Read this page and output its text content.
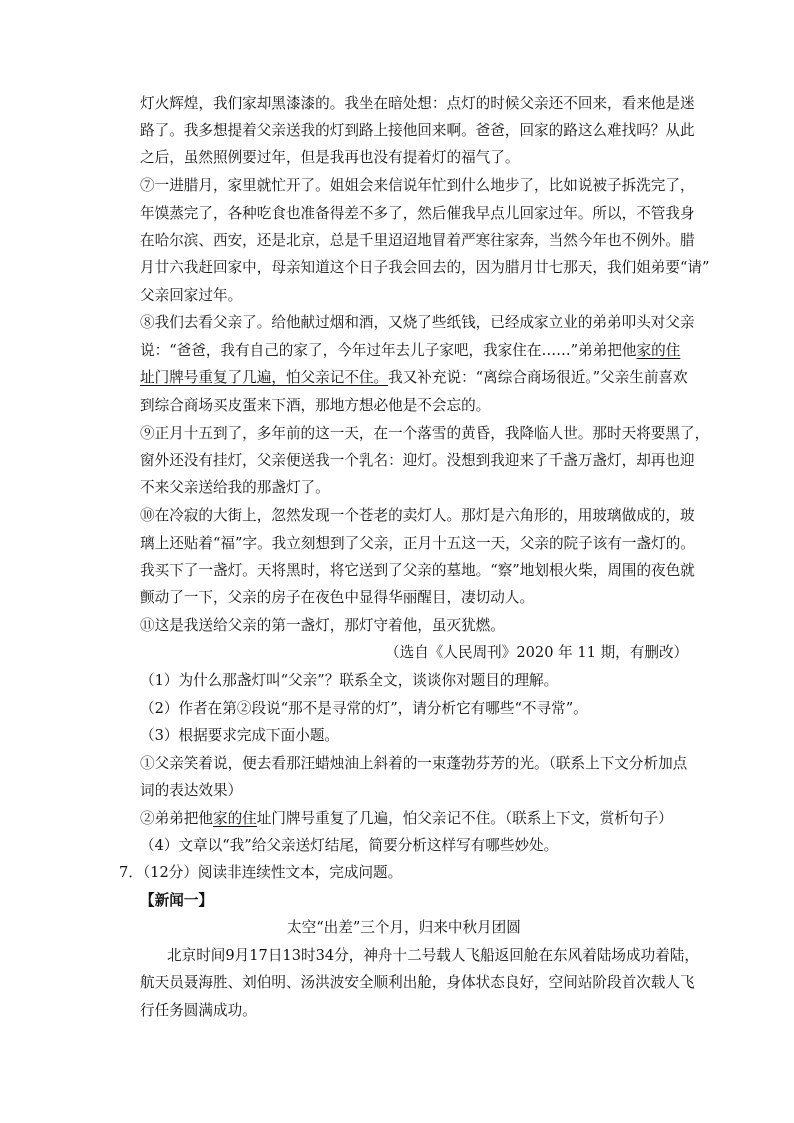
灯火辉煌，我们家却黑漆漆的。我坐在暗处想：点灯的时候父亲还不回来，看来他是迷
路了。我多想提着父亲送我的灯到路上接他回来啊。爸爸，回家的路这么难找吗？从此
之后，虽然照例要过年，但是我再也没有提着灯的福气了。
⑦一进腊月，家里就忙开了。姐姐会来信说年忙到什么地步了，比如说被子拆洗完了，
年馍蒸完了，各种吃食也准备得差不多了，然后催我早点儿回家过年。所以，不管我身
在哈尔滨、西安，还是北京，总是千里迢迢地冒着严寒往家奔，当然今年也不例外。腊
月廿六我赶回家中，母亲知道这个日子我会回去的，因为腊月廿七那天，我们姐弟要“请”
父亲回家过年。
⑧我们去看父亲了。给他献过烟和酒，又烧了些纸钱，已经成家立业的弟弟叩头对父亲
说：“爸爸，我有自己的家了，今年过年去儿子家吧，我家住在……”弟弟把他家的住
址门牌号重复了几遍，怕父亲记不住。我又补充说：“离综合商场很近。”父亲生前喜欢
到综合商场买皮蛋来下酒，那地方想必他是不会忘的。
⑨正月十五到了，多年前的这一天，在一个落雪的黄昏，我降临人世。那时天将要黑了，
窗外还没有挂灯，父亲便送我一个乳名：迎灯。没想到我迎来了千盏万盏灯，却再也迎
不来父亲送给我的那盏灯了。
⑩在冷寂的大街上，忽然发现一个苍老的卖灯人。那灯是六角形的，用玻璃做成的，玻
璃上还贴着“福”字。我立刻想到了父亲，正月十五这一天，父亲的院子该有一盏灯的。
我买下了一盏灯。天将黑时，将它送到了父亲的墓地。“察”地划根火柴，周围的夜色就
颤动了一下，父亲的房子在夜色中显得华丽醒目，凄切动人。
⑪这是我送给父亲的第一盏灯，那灯守着他，虽灭犹燃。
（选自《人民周刊》2020 年 11 期，有删改）
（1）为什么那盏灯叫“父亲”？联系全文，谈谈你对题目的理解。
（2）作者在第②段说“那不是寻常的灯”，请分析它有哪些“不寻常”。
（3）根据要求完成下面小题。
①父亲笑着说，便去看那汪蜡烛油上斜着的一束蓬勃芬芳的光。（联系上下文分析加点
词的表达效果）
②弟弟把他家的住址门牌号重复了几遍，怕父亲记不住。（联系上下文，赏析句子）
（4）文章以“我”给父亲送灯结尾，简要分析这样写有哪些妙处。
7．（12分）阅读非连续性文本，完成问题。
【新闻一】
太空“出差”三个月，归来中秋月团圆
北京时间9月17日13时34分，神舟十二号载人飞船返回舱在东风着陆场成功着陆，
航天员聂海胜、刘伯明、汤洪波安全顺利出舱，身体状态良好，空间站阶段首次载人飞
行任务圆满成功。
